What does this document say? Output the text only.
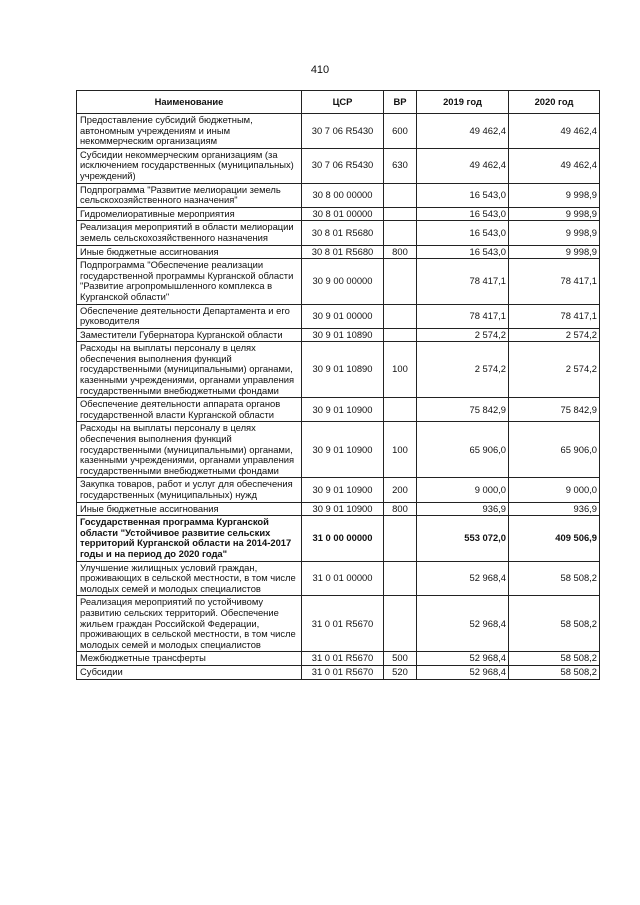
410
Наименование	ЦСР	ВР	2019 год	2020 год
Предоставление субсидий бюджетным, автономным учреждениям и иным некоммерческим организациям	30 7 06 R5430	600	49 462,4	49 462,4
Субсидии некоммерческим организациям (за исключением государственных (муниципальных) учреждений)	30 7 06 R5430	630	49 462,4	49 462,4
Подпрограмма "Развитие мелиорации земель сельскохозяйственного назначения"	30 8 00 00000		16 543,0	9 998,9
Гидромелиоративные мероприятия	30 8 01 00000		16 543,0	9 998,9
Реализация мероприятий в области мелиорации земель сельскохозяйственного назначения	30 8 01 R5680		16 543,0	9 998,9
Иные бюджетные ассигнования	30 8 01 R5680	800	16 543,0	9 998,9
Подпрограмма "Обеспечение реализации государственной программы Курганской области "Развитие агропромышленного комплекса в Курганской области"	30 9 00 00000		78 417,1	78 417,1
Обеспечение деятельности Департамента и его руководителя	30 9 01 00000		78 417,1	78 417,1
Заместители Губернатора Курганской области	30 9 01 10890		2 574,2	2 574,2
Расходы на выплаты персоналу в целях обеспечения выполнения функций государственными (муниципальными) органами, казенными учреждениями, органами управления государственными внебюджетными фондами	30 9 01 10890	100	2 574,2	2 574,2
Обеспечение деятельности аппарата органов государственной власти Курганской области	30 9 01 10900		75 842,9	75 842,9
Расходы на выплаты персоналу в целях обеспечения выполнения функций государственными (муниципальными) органами, казенными учреждениями, органами управления государственными внебюджетными фондами	30 9 01 10900	100	65 906,0	65 906,0
Закупка товаров, работ и услуг для обеспечения государственных (муниципальных) нужд	30 9 01 10900	200	9 000,0	9 000,0
Иные бюджетные ассигнования	30 9 01 10900	800	936,9	936,9
Государственная программа Курганской области "Устойчивое развитие сельских территорий Курганской области на 2014-2017 годы и на период до 2020 года"	31 0 00 00000		553 072,0	409 506,9
Улучшение жилищных условий граждан, проживающих в сельской местности, в том числе молодых семей и молодых специалистов	31 0 01 00000		52 968,4	58 508,2
Реализация мероприятий по устойчивому развитию сельских территорий. Обеспечение жильем граждан Российской Федерации, проживающих в сельской местности, в том числе молодых семей и молодых специалистов	31 0 01 R5670		52 968,4	58 508,2
Межбюджетные трансферты	31 0 01 R5670	500	52 968,4	58 508,2
Субсидии	31 0 01 R5670	520	52 968,4	58 508,2
